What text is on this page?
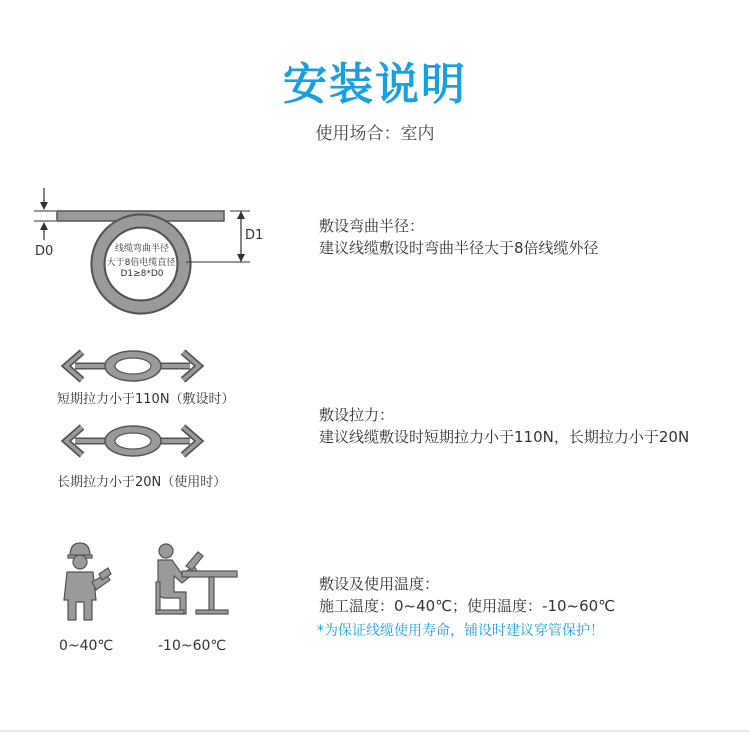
安装说明
使用场合：室内
D0
D1
线缆弯曲半径
大于8倍电缆直径
D1≥8*D0
敷设弯曲半径：
建议线缆敷设时弯曲半径大于8倍线缆外径
敷设拉力：
建议线缆敷设时短期拉力小于110N，长期拉力小于20N
敷设及使用温度：
施工温度：0~40℃；使用温度：-10~60℃
*为保证线缆使用寿命，铺设时建议穿管保护！
短期拉力小于110N（敷设时）
长期拉力小于20N（使用时）
0~40℃	-10~60℃
